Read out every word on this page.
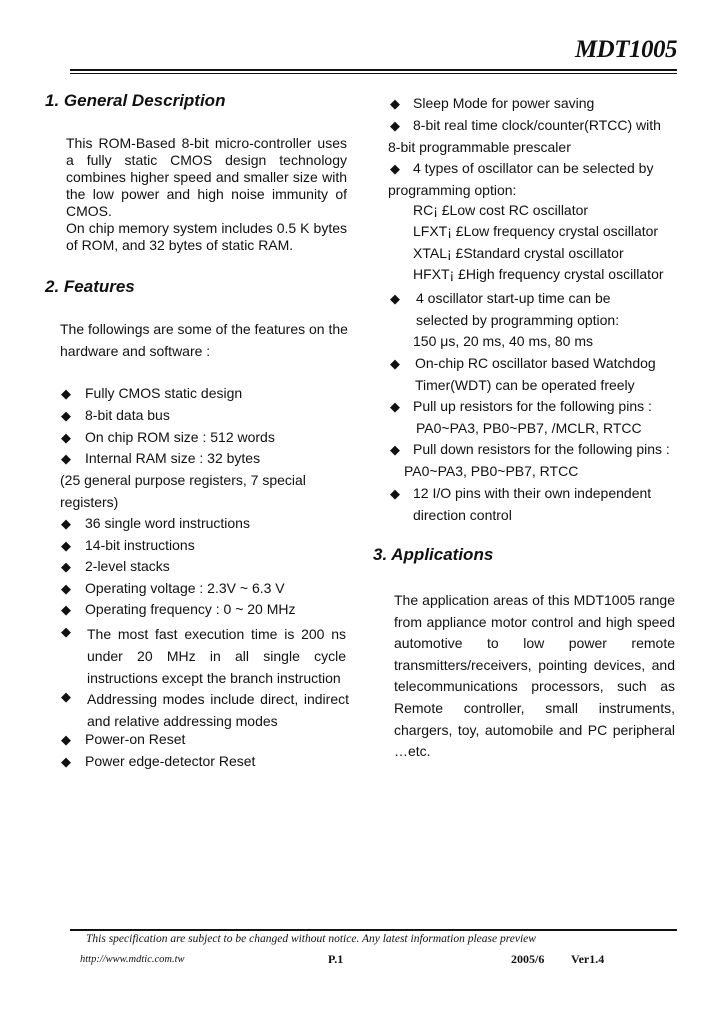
MDT1005
1. General Description
This ROM-Based 8-bit micro-controller uses a fully static CMOS design technology combines higher speed and smaller size with the low power and high noise immunity of CMOS.
On chip memory system includes 0.5 K bytes of ROM, and 32 bytes of static RAM.
2. Features
The followings are some of the features on the
hardware and software :
◆ Fully CMOS static design
◆ 8-bit data bus
◆ On chip ROM size : 512 words
◆ Internal RAM size : 32 bytes
(25 general purpose registers, 7 special
registers)
◆ 36 single word instructions
◆ 14-bit instructions
◆ 2-level stacks
◆ Operating voltage : 2.3V ~ 6.3 V
◆ Operating frequency : 0 ~ 20 MHz
◆ The most fast execution time is 200 ns under 20 MHz in all single cycle instructions except the branch instruction
◆ Addressing modes include direct, indirect and relative addressing modes
◆ Power-on Reset
◆ Power edge-detector Reset
◆ Sleep Mode for power saving
◆ 8-bit real time clock/counter(RTCC) with
8-bit programmable prescaler
◆ 4 types of oscillator can be selected by
programming option:
RC¡ £Low cost RC oscillator
LFXT¡ £Low frequency crystal oscillator
XTAL¡ £Standard crystal oscillator
HFXT¡ £High frequency crystal oscillator
◆ 4 oscillator start-up time can be
selected by programming option:
150 μs, 20 ms, 40 ms, 80 ms
◆ On-chip RC oscillator based Watchdog
Timer(WDT) can be operated freely
◆ Pull up resistors for the following pins :
PA0~PA3, PB0~PB7, /MCLR, RTCC
◆ Pull down resistors for the following pins :
PA0~PA3, PB0~PB7, RTCC
◆ 12 I/O pins with their own independent
direction control
3. Applications
The application areas of this MDT1005 range from appliance motor control and high speed automotive to low power remote transmitters/receivers, pointing devices, and telecommunications processors, such as Remote controller, small instruments, chargers, toy, automobile and PC peripheral …etc.
This specification are subject to be changed without notice. Any latest information please preview
http://www.mdtic.com.tw	P.1	2005/6 Ver1.4
